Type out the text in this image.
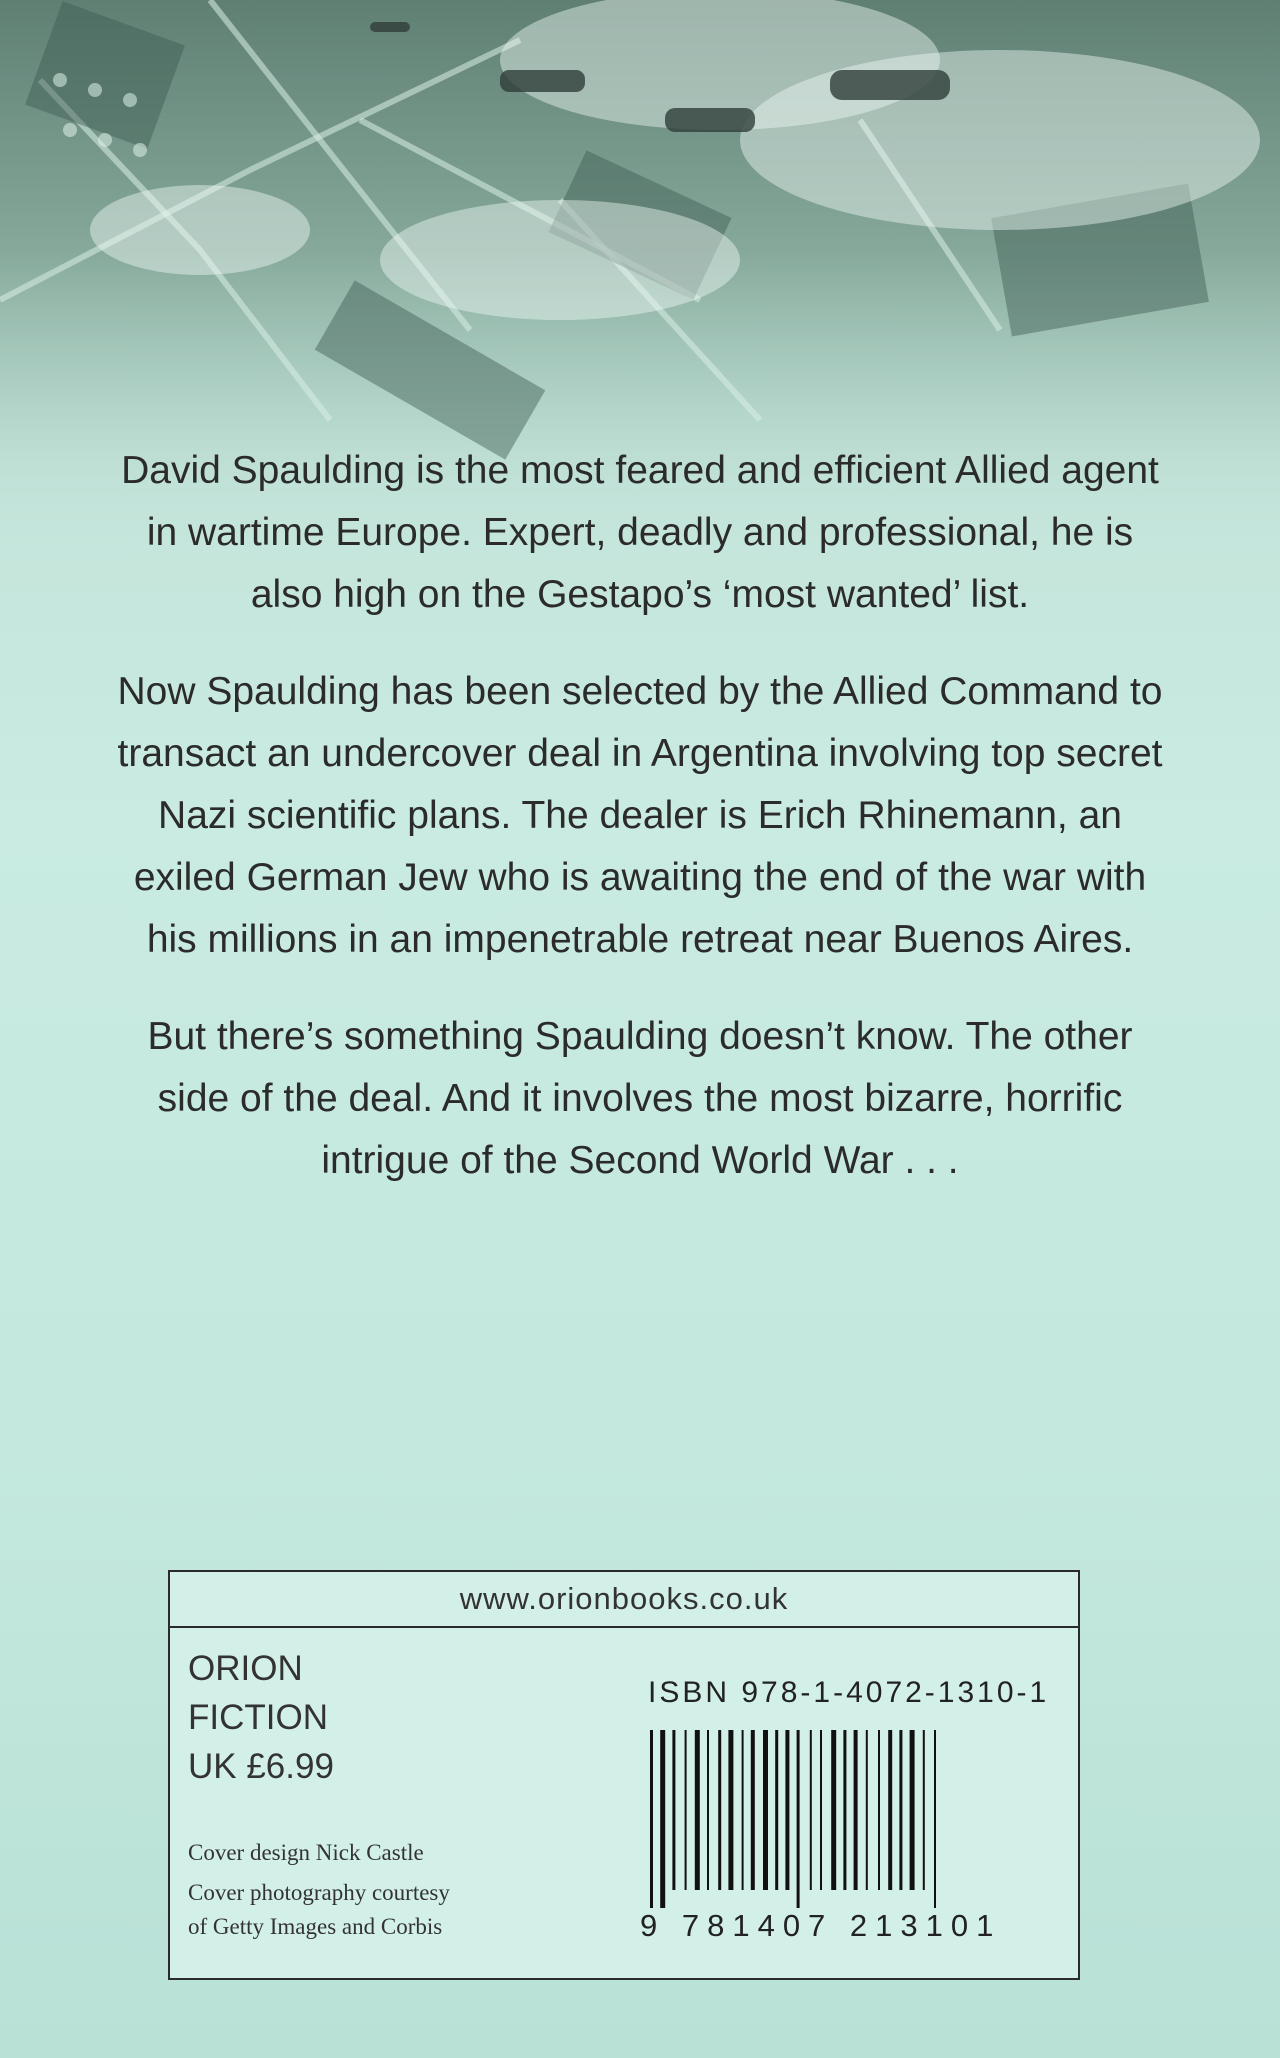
David Spaulding is the most feared and efficient Allied agent in wartime Europe. Expert, deadly and professional, he is also high on the Gestapo’s ‘most wanted’ list.

Now Spaulding has been selected by the Allied Command to transact an undercover deal in Argentina involving top secret Nazi scientific plans. The dealer is Erich Rhinemann, an exiled German Jew who is awaiting the end of the war with his millions in an impenetrable retreat near Buenos Aires.

But there’s something Spaulding doesn’t know. The other side of the deal. And it involves the most bizarre, horrific intrigue of the Second World War . . .

www.orionbooks.co.uk
ORION
FICTION
UK £6.99
Cover design Nick Castle
Cover photography courtesy
of Getty Images and Corbis
ISBN 978-1-4072-1310-1
9 781407 213101
